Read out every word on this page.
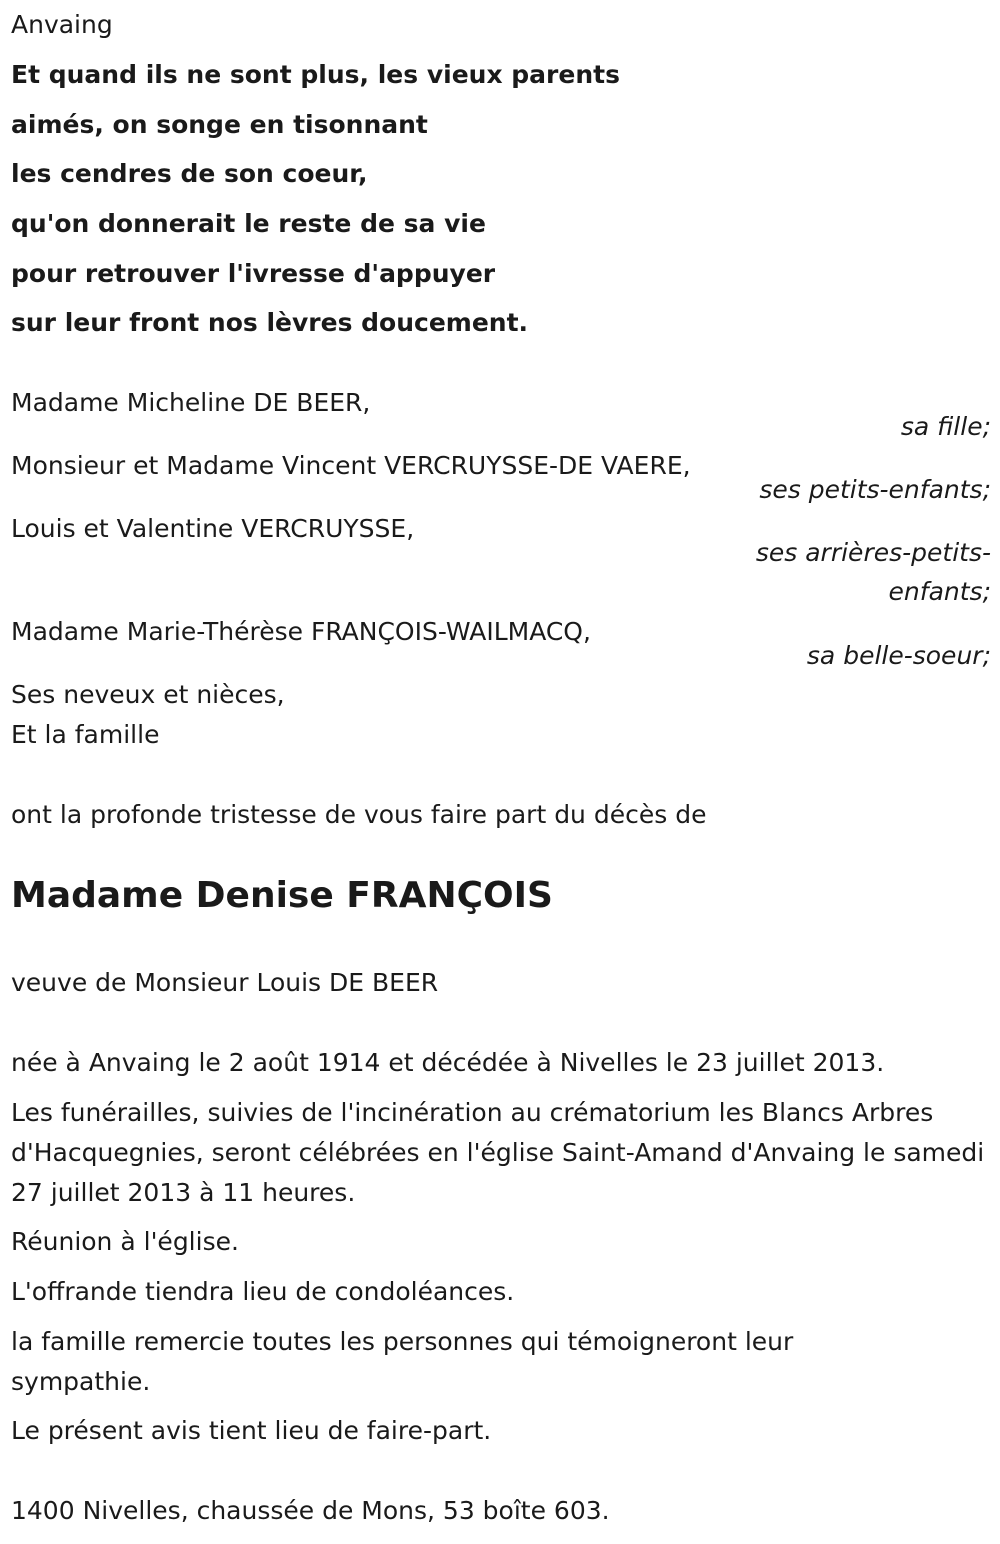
Anvaing
Et quand ils ne sont plus, les vieux parents
aimés, on songe en tisonnant
les cendres de son coeur,
qu'on donnerait le reste de sa vie
pour retrouver l'ivresse d'appuyer
sur leur front nos lèvres doucement.
Madame Micheline DE BEER,
sa fille;
Monsieur et Madame Vincent VERCRUYSSE-DE VAERE,
ses petits-enfants;
Louis et Valentine VERCRUYSSE,
ses arrières-petits-
enfants;
Madame Marie-Thérèse FRANÇOIS-WAILMACQ,
sa belle-soeur;
Ses neveux et nièces,
Et la famille
ont la profonde tristesse de vous faire part du décès de
Madame Denise FRANÇOIS
veuve de Monsieur Louis DE BEER
née à Anvaing le 2 août 1914 et décédée à Nivelles le 23 juillet 2013.
Les funérailles, suivies de l'incinération au crématorium les Blancs Arbres d'Hacquegnies, seront célébrées en l'église Saint-Amand d'Anvaing le samedi 27 juillet 2013 à 11 heures.
Réunion à l'église.
L'offrande tiendra lieu de condoléances.
la famille remercie toutes les personnes qui témoigneront leur sympathie.
Le présent avis tient lieu de faire-part.
1400 Nivelles, chaussée de Mons, 53 boîte 603.
